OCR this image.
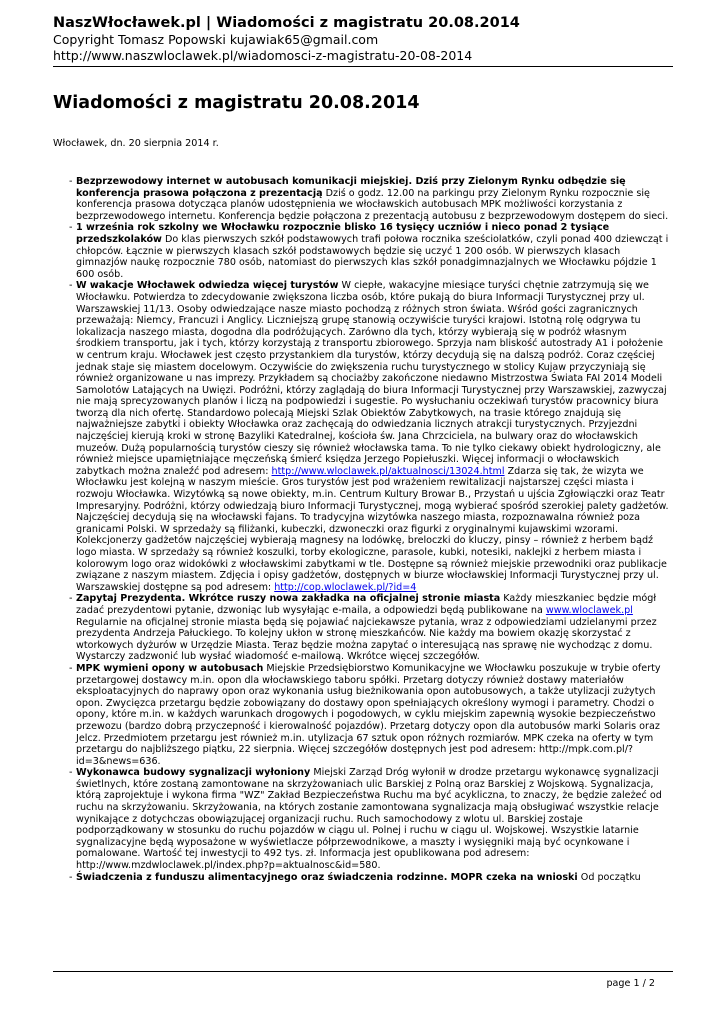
NaszWłocławek.pl | Wiadomości z magistratu 20.08.2014
Copyright Tomasz Popowski kujawiak65@gmail.com
http://www.naszwloclawek.pl/wiadomosci-z-magistratu-20-08-2014
Wiadomości z magistratu 20.08.2014
Włocławek, dn. 20 sierpnia 2014 r.
- Bezprzewodowy internet w autobusach komunikacji miejskiej. Dziś przy Zielonym Rynku odbędzie się konferencja prasowa połączona z prezentacją Dziś o godz. 12.00 na parkingu przy Zielonym Rynku rozpocznie się konferencja prasowa dotycząca planów udostępnienia we włocławskich autobusach MPK możliwości korzystania z bezprzewodowego internetu. Konferencja będzie połączona z prezentacją autobusu z bezprzewodowym dostępem do sieci.
- 1 września rok szkolny we Włocławku rozpocznie blisko 16 tysięcy uczniów i nieco ponad 2 tysiące przedszkolaków Do klas pierwszych szkół podstawowych trafi połowa rocznika sześciolatków, czyli ponad 400 dziewcząt i chłopców. Łącznie w pierwszych klasach szkół podstawowych będzie się uczyć 1 200 osób. W pierwszych klasach gimnazjów naukę rozpocznie 780 osób, natomiast do pierwszych klas szkół ponadgimnazjalnych we Włocławku pójdzie 1 600 osób.
- W wakacje Włocławek odwiedza więcej turystów W ciepłe, wakacyjne miesiące turyści chętnie zatrzymują się we Włocławku. Potwierdza to zdecydowanie zwiększona liczba osób, które pukają do biura Informacji Turystycznej przy ul. Warszawskiej 11/13. Osoby odwiedzające nasze miasto pochodzą z różnych stron świata. Wśród gości zagranicznych przeważają: Niemcy, Francuzi i Anglicy. Liczniejszą grupę stanowią oczywiście turyści krajowi. Istotną rolę odgrywa tu lokalizacja naszego miasta, dogodna dla podróżujących. Zarówno dla tych, którzy wybierają się w podróż własnym środkiem transportu, jak i tych, którzy korzystają z transportu zbiorowego. Sprzyja nam bliskość autostrady A1 i położenie w centrum kraju. Włocławek jest często przystankiem dla turystów, którzy decydują się na dalszą podróż. Coraz częściej jednak staje się miastem docelowym. Oczywiście do zwiększenia ruchu turystycznego w stolicy Kujaw przyczyniają się również organizowane u nas imprezy. Przykładem są chociażby zakończone niedawno Mistrzostwa Świata FAI 2014 Modeli Samolotów Latających na Uwięzi. Podróżni, którzy zaglądają do biura Informacji Turystycznej przy Warszawskiej, zazwyczaj nie mają sprecyzowanych planów i liczą na podpowiedzi i sugestie. Po wysłuchaniu oczekiwań turystów pracownicy biura tworzą dla nich ofertę. Standardowo polecają Miejski Szlak Obiektów Zabytkowych, na trasie którego znajdują się najważniejsze zabytki i obiekty Włocławka oraz zachęcają do odwiedzania licznych atrakcji turystycznych. Przyjezdni najczęściej kierują kroki w stronę Bazyliki Katedralnej, kościoła św. Jana Chrzciciela, na bulwary oraz do włocławskich muzeów. Dużą popularnością turystów cieszy się również włocławska tama. To nie tylko ciekawy obiekt hydrologiczny, ale również miejsce upamiętniające męczeńską śmierć księdza Jerzego Popiełuszki. Więcej informacji o włocławskich zabytkach można znaleźć pod adresem: http://www.wloclawek.pl/aktualnosci/13024.html Zdarza się tak, że wizyta we Włocławku jest kolejną w naszym mieście. Gros turystów jest pod wrażeniem rewitalizacji najstarszej części miasta i rozwoju Włocławka. Wizytówką są nowe obiekty, m.in. Centrum Kultury Browar B., Przystań u ujścia Zgłowiączki oraz Teatr Impresaryjny. Podróżni, którzy odwiedzają biuro Informacji Turystycznej, mogą wybierać spośród szerokiej palety gadżetów. Najczęściej decydują się na włocławski fajans. To tradycyjna wizytówka naszego miasta, rozpoznawalna również poza granicami Polski. W sprzedaży są filiżanki, kubeczki, dzwoneczki oraz figurki z oryginalnymi kujawskimi wzorami. Kolekcjonerzy gadżetów najczęściej wybierają magnesy na lodówkę, breloczki do kluczy, pinsy – również z herbem bądź logo miasta. W sprzedaży są również koszulki, torby ekologiczne, parasole, kubki, notesiki, naklejki z herbem miasta i kolorowym logo oraz widokówki z włocławskimi zabytkami w tle. Dostępne są również miejskie przewodniki oraz publikacje związane z naszym miastem. Zdjęcia i opisy gadżetów, dostępnych w biurze włocławskiej Informacji Turystycznej przy ul. Warszawskiej dostępne są pod adresem: http://cop.wloclawek.pl/?id=4
- Zapytaj Prezydenta. Wkrótce ruszy nowa zakładka na oficjalnej stronie miasta Każdy mieszkaniec będzie mógł zadać prezydentowi pytanie, dzwoniąc lub wysyłając e-maila, a odpowiedzi będą publikowane na www.wloclawek.pl Regularnie na oficjalnej stronie miasta będą się pojawiać najciekawsze pytania, wraz z odpowiedziami udzielanymi przez prezydenta Andrzeja Pałuckiego. To kolejny ukłon w stronę mieszkańców. Nie każdy ma bowiem okazję skorzystać z wtorkowych dyżurów w Urzędzie Miasta. Teraz będzie można zapytać o interesującą nas sprawę nie wychodząc z domu. Wystarczy zadzwonić lub wysłać wiadomość e-mailową. Wkrótce więcej szczegółów.
- MPK wymieni opony w autobusach Miejskie Przedsiębiorstwo Komunikacyjne we Włocławku poszukuje w trybie oferty przetargowej dostawcy m.in. opon dla włocławskiego taboru spółki. Przetarg dotyczy również dostawy materiałów eksploatacyjnych do naprawy opon oraz wykonania usług bieżnikowania opon autobusowych, a także utylizacji zużytych opon. Zwycięzca przetargu będzie zobowiązany do dostawy opon spełniających określony wymogi i parametry. Chodzi o opony, które m.in. w każdych warunkach drogowych i pogodowych, w cyklu miejskim zapewnią wysokie bezpieczeństwo przewozu (bardzo dobrą przyczepność i kierowalność pojazdów). Przetarg dotyczy opon dla autobusów marki Solaris oraz Jelcz. Przedmiotem przetargu jest również m.in. utylizacja 67 sztuk opon różnych rozmiarów. MPK czeka na oferty w tym przetargu do najbliższego piątku, 22 sierpnia. Więcej szczegółów dostępnych jest pod adresem: http://mpk.com.pl/?id=3&news=636.
- Wykonawca budowy sygnalizacji wyłoniony Miejski Zarząd Dróg wyłonił w drodze przetargu wykonawcę sygnalizacji świetlnych, które zostaną zamontowane na skrzyżowaniach ulic Barskiej z Polną oraz Barskiej z Wojskową. Sygnalizacja, którą zaprojektuje i wykona firma "WZ" Zakład Bezpieczeństwa Ruchu ma być acykliczna, to znaczy, że będzie zależeć od ruchu na skrzyżowaniu. Skrzyżowania, na których zostanie zamontowana sygnalizacja mają obsługiwać wszystkie relacje wynikające z dotychczas obowiązującej organizacji ruchu. Ruch samochodowy z wlotu ul. Barskiej zostaje podporządkowany w stosunku do ruchu pojazdów w ciągu ul. Polnej i ruchu w ciągu ul. Wojskowej. Wszystkie latarnie sygnalizacyjne będą wyposażone w wyświetlacze półprzewodnikowe, a maszty i wysięgniki mają być ocynkowane i pomalowane. Wartość tej inwestycji to 492 tys. zł. Informacja jest opublikowana pod adresem: http://www.mzdwloclawek.pl/index.php?p=aktualnosc&id=580.
- Świadczenia z funduszu alimentacyjnego oraz świadczenia rodzinne. MOPR czeka na wnioski Od początku
page 1 / 2
